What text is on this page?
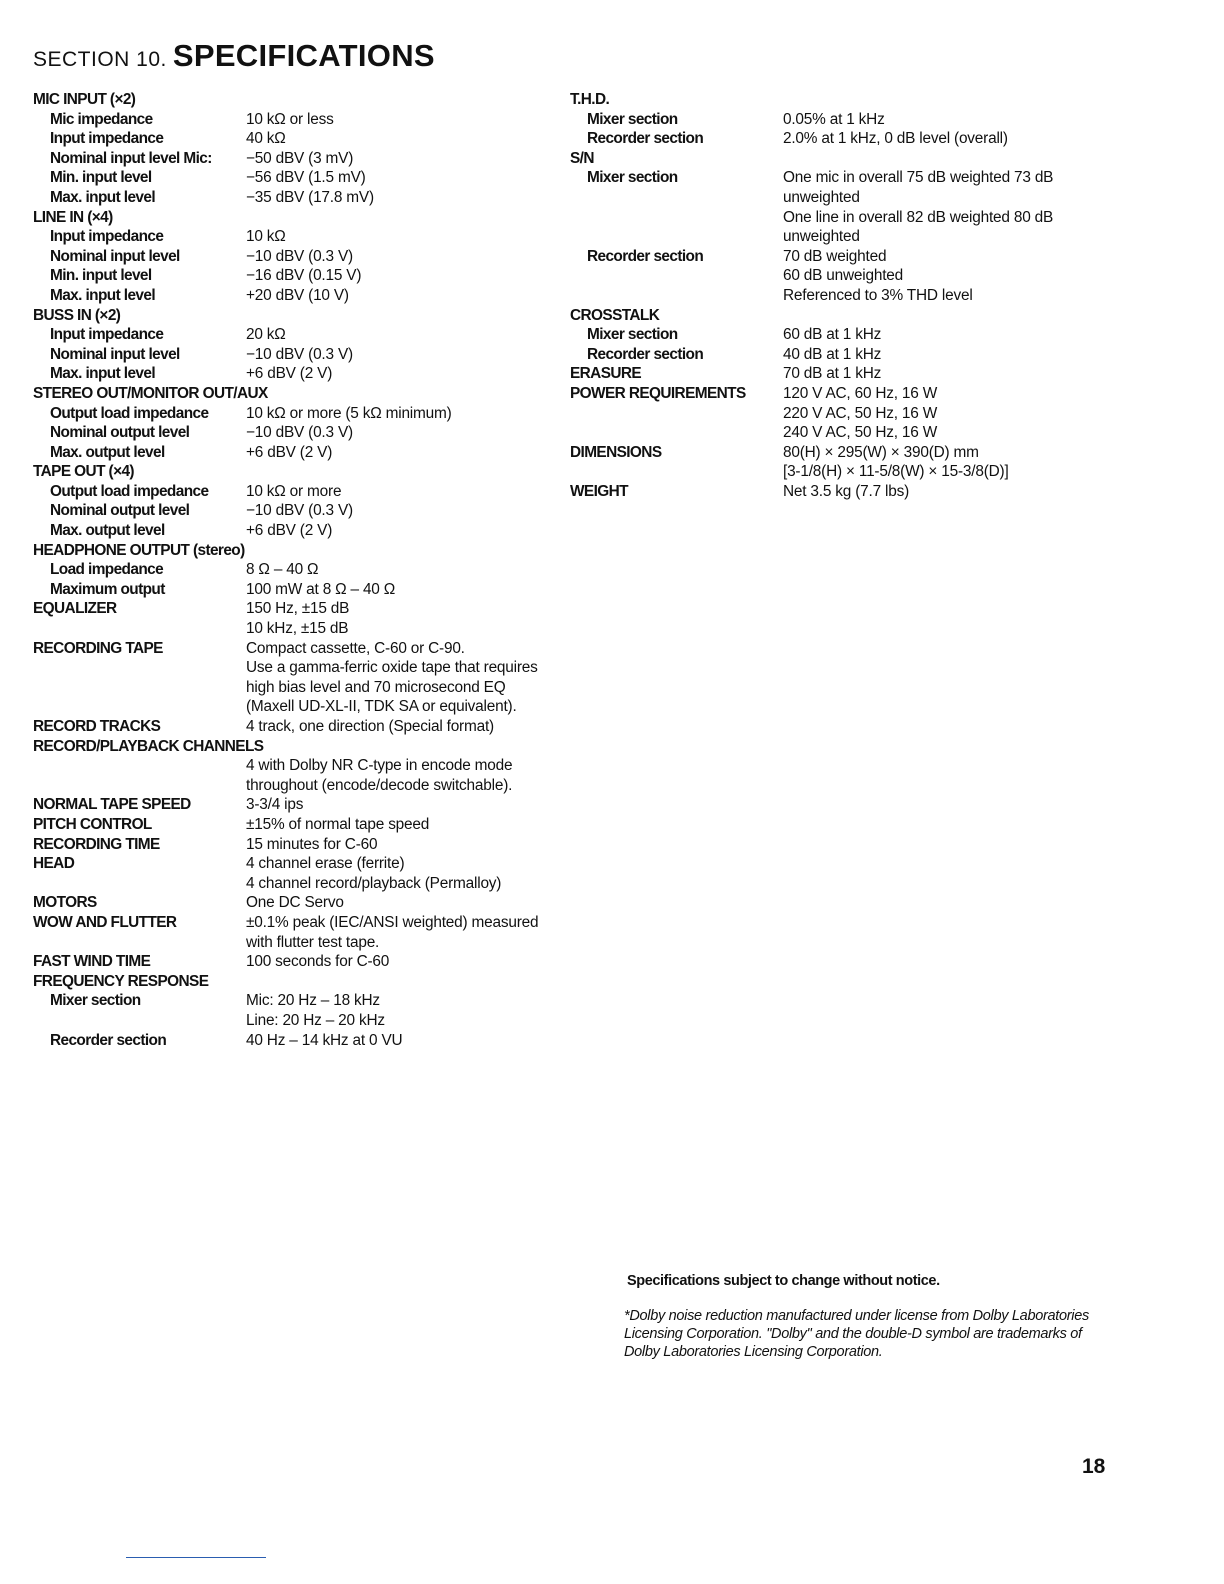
SECTION 10. SPECIFICATIONS
MIC INPUT (×2)
Mic impedance	10 kΩ or less
Input impedance	40 kΩ
Nominal input level Mic: −50 dBV (3 mV)
Min. input level	−56 dBV (1.5 mV)
Max. input level	−35 dBV (17.8 mV)
LINE IN (×4)
Input impedance	10 kΩ
Nominal input level	−10 dBV (0.3 V)
Min. input level	−16 dBV (0.15 V)
Max. input level	+20 dBV (10 V)
BUSS IN (×2)
Input impedance	20 kΩ
Nominal input level	−10 dBV (0.3 V)
Max. input level	+6 dBV (2 V)
STEREO OUT/MONITOR OUT/AUX
Output load impedance 10 kΩ or more (5 kΩ minimum)
Nominal output level	−10 dBV (0.3 V)
Max. output level	+6 dBV (2 V)
TAPE OUT (×4)
Output load impedance 10 kΩ or more
Nominal output level	−10 dBV (0.3 V)
Max. output level	+6 dBV (2 V)
HEADPHONE OUTPUT (stereo)
Load impedance	8 Ω – 40 Ω
Maximum output	100 mW at 8 Ω – 40 Ω
EQUALIZER	150 Hz, ±15 dB
10 kHz, ±15 dB
RECORDING TAPE	Compact cassette, C-60 or C-90.
Use a gamma-ferric oxide tape that requires
high bias level and 70 microsecond EQ
(Maxell UD-XL-II, TDK SA or equivalent).
RECORD TRACKS	4 track, one direction (Special format)
RECORD/PLAYBACK CHANNELS
4 with Dolby NR C-type in encode mode
throughout (encode/decode switchable).
NORMAL TAPE SPEED	3-3/4 ips
PITCH CONTROL	±15% of normal tape speed
RECORDING TIME	15 minutes for C-60
HEAD	4 channel erase (ferrite)
4 channel record/playback (Permalloy)
MOTORS	One DC Servo
WOW AND FLUTTER	±0.1% peak (IEC/ANSI weighted) measured
with flutter test tape.
FAST WIND TIME	100 seconds for C-60
FREQUENCY RESPONSE
Mixer section	Mic: 20 Hz – 18 kHz
Line: 20 Hz – 20 kHz
Recorder section	40 Hz – 14 kHz at 0 VU
T.H.D.
Mixer section	0.05% at 1 kHz
Recorder section	2.0% at 1 kHz, 0 dB level (overall)
S/N
Mixer section	One mic in overall 75 dB weighted 73 dB
unweighted
One line in overall 82 dB weighted 80 dB
unweighted
Recorder section	70 dB weighted
60 dB unweighted
Referenced to 3% THD level
CROSSTALK
Mixer section	60 dB at 1 kHz
Recorder section	40 dB at 1 kHz
ERASURE	70 dB at 1 kHz
POWER REQUIREMENTS 120 V AC, 60 Hz, 16 W
220 V AC, 50 Hz, 16 W
240 V AC, 50 Hz, 16 W
DIMENSIONS	80(H) × 295(W) × 390(D) mm
[3-1/8(H) × 11-5/8(W) × 15-3/8(D)]
WEIGHT	Net 3.5 kg (7.7 lbs)
Specifications subject to change without notice.
*Dolby noise reduction manufactured under license from Dolby Laboratories Licensing Corporation. "Dolby" and the double-D symbol are trademarks of Dolby Laboratories Licensing Corporation.
18
